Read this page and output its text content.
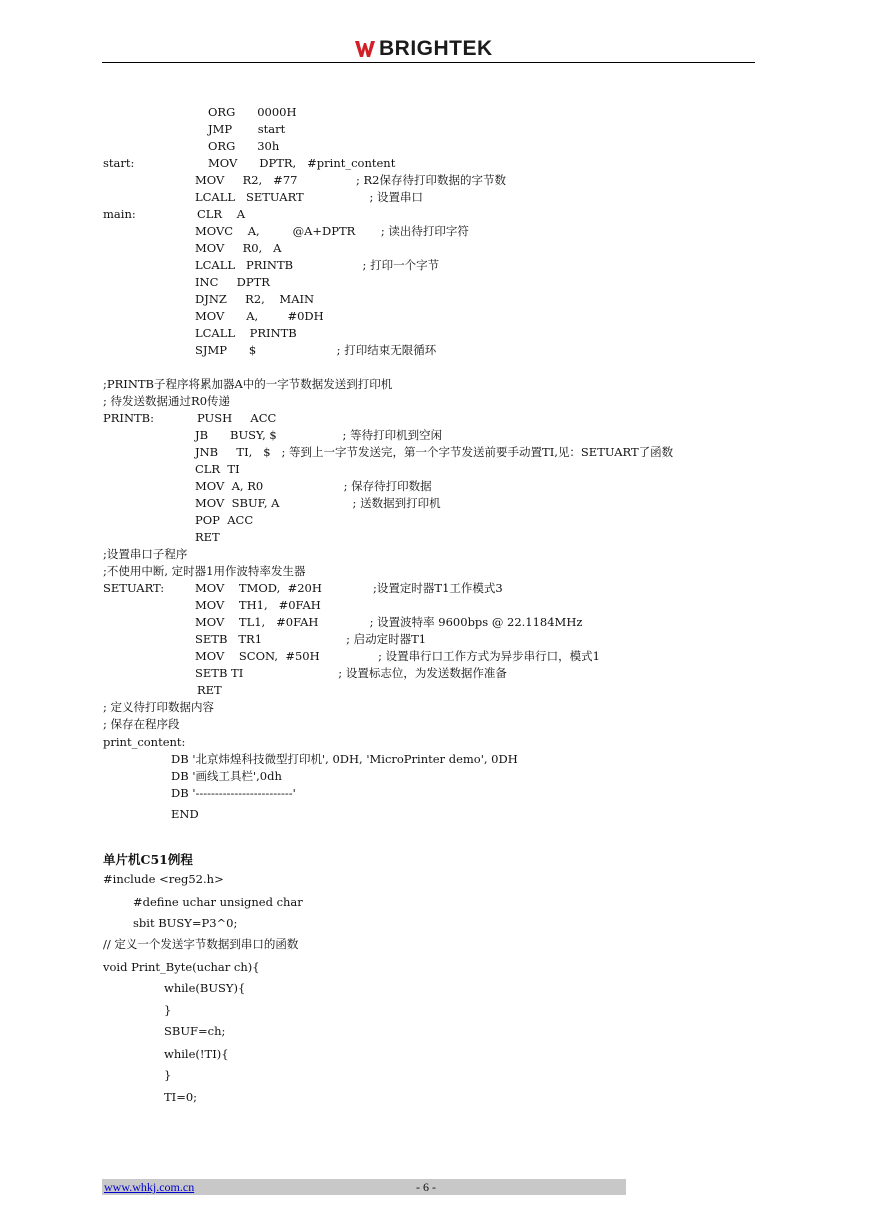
BRIGHTEK
ORG      0000H
JMP       start
ORG      30h
start:	MOV      DPTR,   #print_content
MOV     R2,   #77                ; R2保存待打印数据的字节数
LCALL   SETUART                  ; 设置串口
main:	CLR    A
MOVC    A,         @A+DPTR       ; 读出待打印字符
MOV     R0,   A
LCALL   PRINTB                   ; 打印一个字节
INC     DPTR
DJNZ     R2,    MAIN
MOV      A,        #0DH
LCALL    PRINTB
SJMP      $                      ; 打印结束无限循环
;PRINTB子程序将累加器A中的一字节数据发送到打印机
; 待发送数据通过R0传递
PRINTB:	PUSH     ACC
JB      BUSY, $                  ; 等待打印机到空闲
JNB     TI,   $   ; 等到上一字节发送完，第一个字节发送前要手动置TI,见：SETUART了函数
CLR  TI
MOV  A, R0                      ; 保存待打印数据
MOV  SBUF, A                    ; 送数据到打印机
POP  ACC
RET
;设置串口子程序
;不使用中断, 定时器1用作波特率发生器
SETUART:	MOV    TMOD,  #20H              ;设置定时器T1工作模式3
MOV    TH1,   #0FAH
MOV    TL1,   #0FAH              ; 设置波特率 9600bps @ 22.1184MHz
SETB   TR1                       ; 启动定时器T1
MOV    SCON,  #50H                ; 设置串行口工作方式为异步串行口，模式1
SETB TI                          ; 设置标志位，为发送数据作准备
RET
; 定义待打印数据内容
; 保存在程序段
print_content:
DB '北京炜煌科技微型打印机', 0DH, 'MicroPrinter demo', 0DH
DB '画线工具栏',0dh
DB '-------------------------'
END
单片机C51例程
#include <reg52.h>
#define uchar unsigned char
sbit BUSY=P3^0;
// 定义一个发送字节数据到串口的函数
void Print_Byte(uchar ch){
while(BUSY){
}
SBUF=ch;
while(!TI){
}
TI=0;
www.whkj.com.cn	- 6 -
